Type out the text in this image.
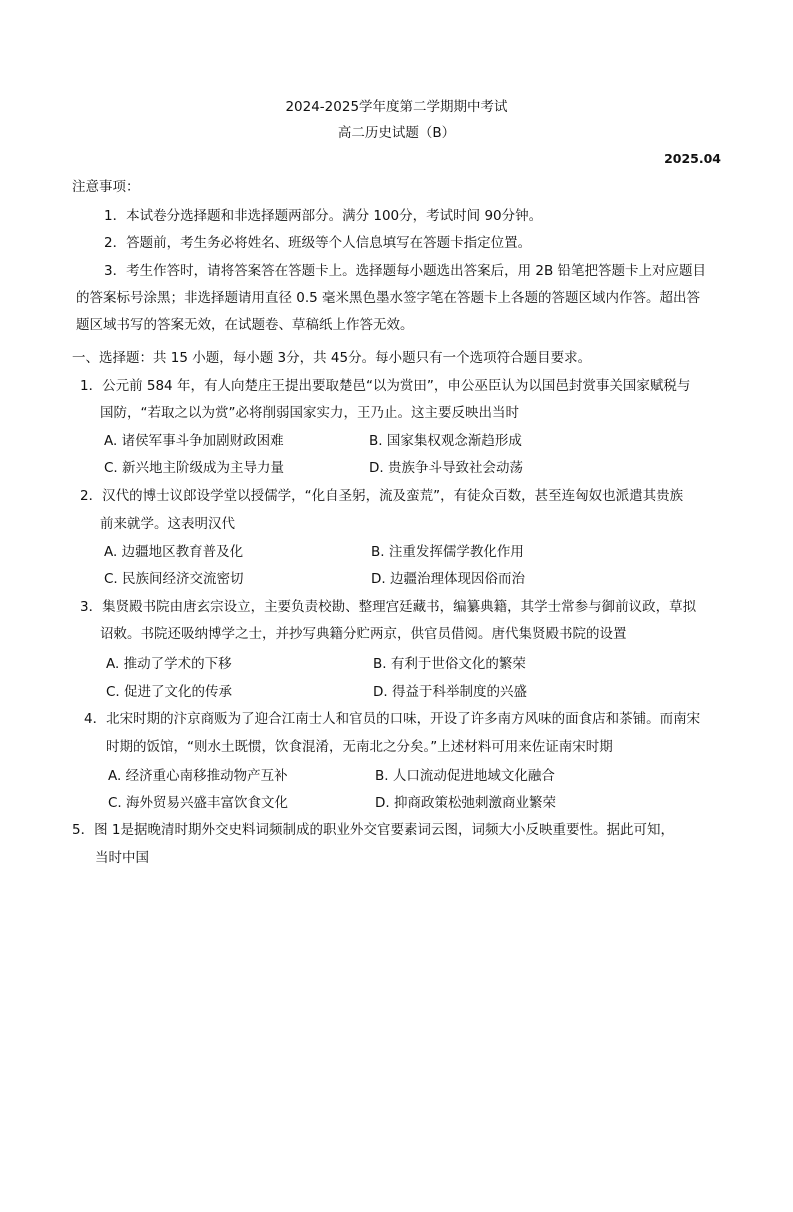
2024-2025学年度第二学期期中考试
高二历史试题（B）
2025.04
注意事项：
1．本试卷分选择题和非选择题两部分。满分 100分，考试时间 90分钟。
2．答题前，考生务必将姓名、班级等个人信息填写在答题卡指定位置。
3．考生作答时，请将答案答在答题卡上。选择题每小题选出答案后，用 2B 铅笔把答题卡上对应题目
的答案标号涂黑；非选择题请用直径 0.5 毫米黑色墨水签字笔在答题卡上各题的答题区域内作答。超出答
题区域书写的答案无效，在试题卷、草稿纸上作答无效。
一、选择题：共 15 小题，每小题 3分，共 45分。每小题只有一个选项符合题目要求。
1．公元前 584 年，有人向楚庄王提出要取楚邑“以为赏田”，申公巫臣认为以国邑封赏事关国家赋税与
国防，“若取之以为赏”必将削弱国家实力，王乃止。这主要反映出当时
A. 诸侯军事斗争加剧财政困难	B. 国家集权观念渐趋形成
C. 新兴地主阶级成为主导力量	D. 贵族争斗导致社会动荡
2．汉代的博士议郎设学堂以授儒学，“化自圣躬，流及蛮荒”，有徒众百数，甚至连匈奴也派遣其贵族
前来就学。这表明汉代
A. 边疆地区教育普及化	B. 注重发挥儒学教化作用
C. 民族间经济交流密切	D. 边疆治理体现因俗而治
3．集贤殿书院由唐玄宗设立，主要负责校勘、整理宫廷藏书，编纂典籍，其学士常参与御前议政，草拟
诏敕。书院还吸纳博学之士，并抄写典籍分贮两京，供官员借阅。唐代集贤殿书院的设置
A. 推动了学术的下移	B. 有利于世俗文化的繁荣
C. 促进了文化的传承	D. 得益于科举制度的兴盛
4．北宋时期的汴京商贩为了迎合江南士人和官员的口味，开设了许多南方风味的面食店和茶铺。而南宋
时期的饭馆，“则水土既惯，饮食混淆，无南北之分矣。”上述材料可用来佐证南宋时期
A. 经济重心南移推动物产互补	B. 人口流动促进地域文化融合
C. 海外贸易兴盛丰富饮食文化	D. 抑商政策松弛刺激商业繁荣
5．图 1是据晚清时期外交史料词频制成的职业外交官要素词云图，词频大小反映重要性。据此可知，
当时中国
